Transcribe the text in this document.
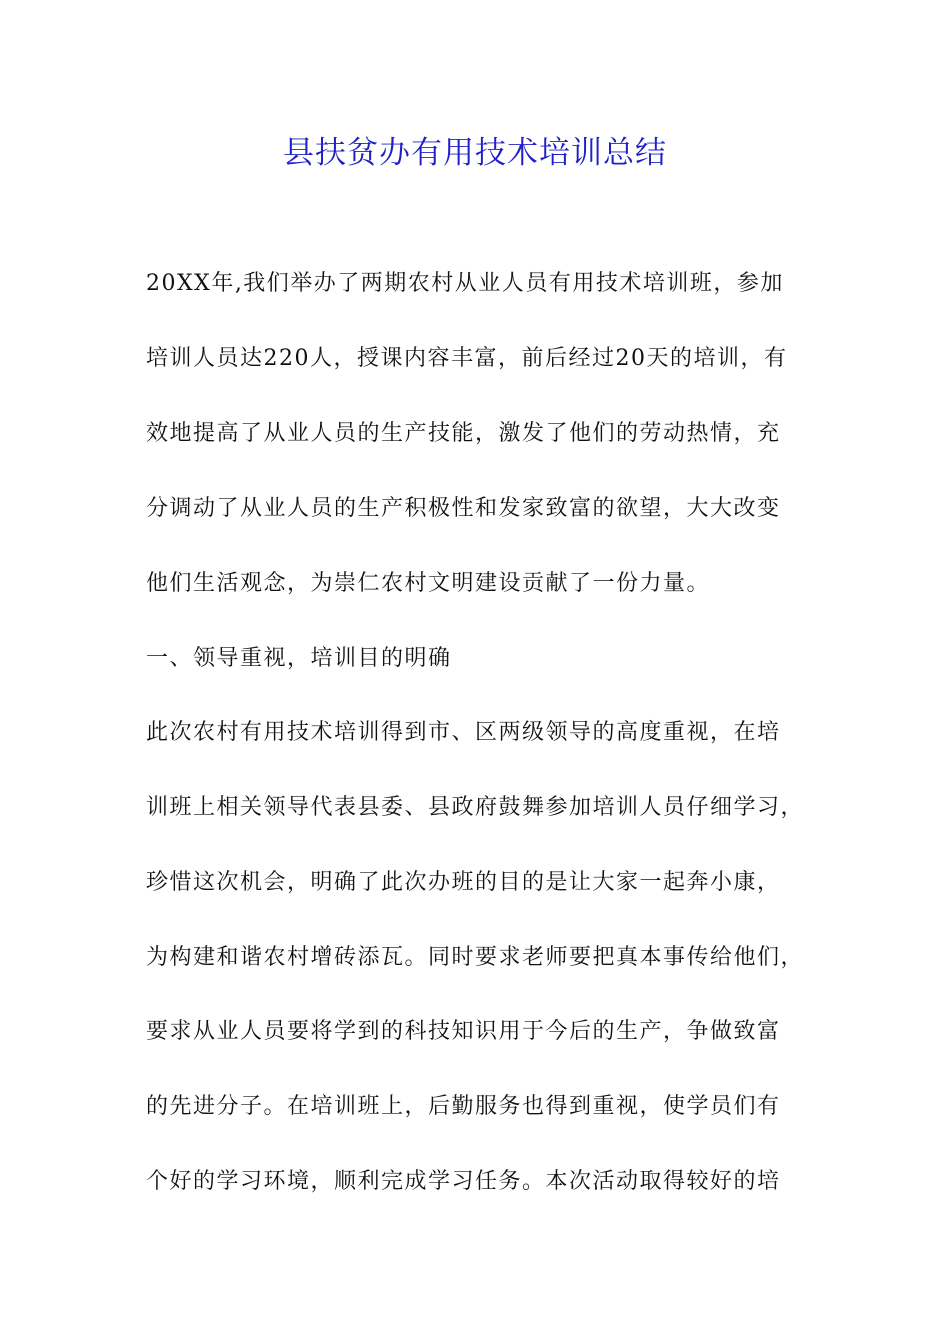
县扶贫办有用技术培训总结
20XX年,我们举办了两期农村从业人员有用技术培训班，参加
培训人员达220人，授课内容丰富，前后经过20天的培训，有
效地提高了从业人员的生产技能，激发了他们的劳动热情，充
分调动了从业人员的生产积极性和发家致富的欲望，大大改变
他们生活观念，为崇仁农村文明建设贡献了一份力量。
一、领导重视，培训目的明确
此次农村有用技术培训得到市、区两级领导的高度重视，在培
训班上相关领导代表县委、县政府鼓舞参加培训人员仔细学习，
珍惜这次机会，明确了此次办班的目的是让大家一起奔小康，
为构建和谐农村增砖添瓦。同时要求老师要把真本事传给他们，
要求从业人员要将学到的科技知识用于今后的生产，争做致富
的先进分子。在培训班上，后勤服务也得到重视，使学员们有
个好的学习环境，顺利完成学习任务。本次活动取得较好的培
